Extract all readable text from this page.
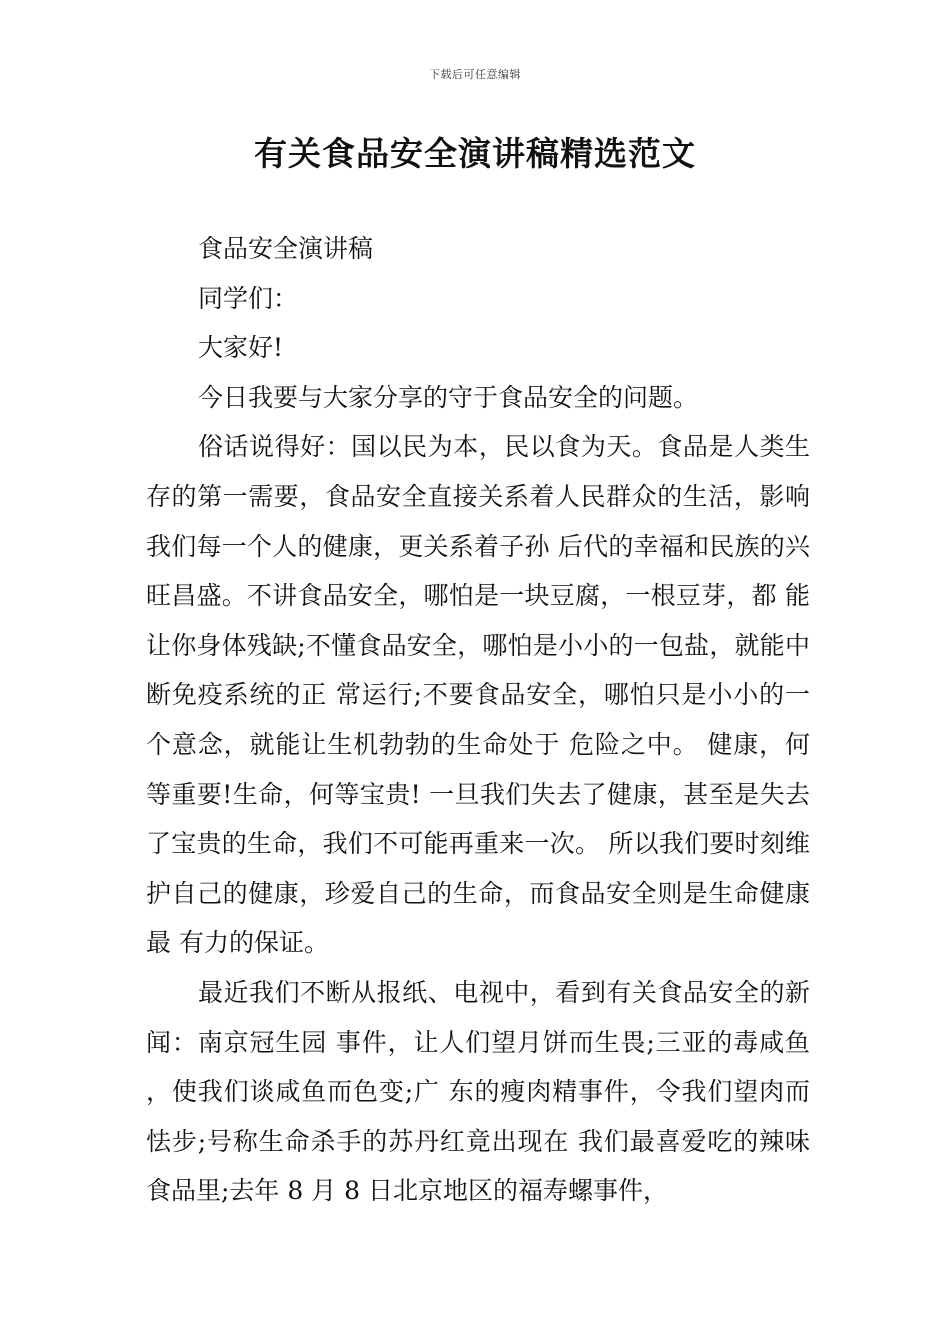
下载后可任意编辑
有关食品安全演讲稿精选范文

食品安全演讲稿

同学们：

大家好!

今日我要与大家分享的守于食品安全的问题。

俗话说得好：国以民为本，民以食为天。食品是人类生存的第一需要，食品安全直接关系着人民群众的生活，影响我们每一个人的健康，更关系着子孙 后代的幸福和民族的兴旺昌盛。不讲食品安全，哪怕是一块豆腐，一根豆芽，都 能让你身体残缺;不懂食品安全，哪怕是小小的一包盐，就能中断免疫系统的正 常运行;不要食品安全，哪怕只是小小的一个意念，就能让生机勃勃的生命处于 危险之中。 健康，何等重要!生命，何等宝贵! 一旦我们失去了健康，甚至是失去了宝贵的生命，我们不可能再重来一次。 所以我们要时刻维护自己的健康，珍爱自己的生命，而食品安全则是生命健康最 有力的保证。

最近我们不断从报纸、电视中，看到有关食品安全的新闻：南京冠生园 事件，让人们望月饼而生畏;三亚的毒咸鱼 ，使我们谈咸鱼而色变;广 东的瘦肉精事件，令我们望肉而怯步;号称生命杀手的苏丹红竟出现在 我们最喜爱吃的辣味食品里;去年 8 月 8 日北京地区的福寿螺事件，
